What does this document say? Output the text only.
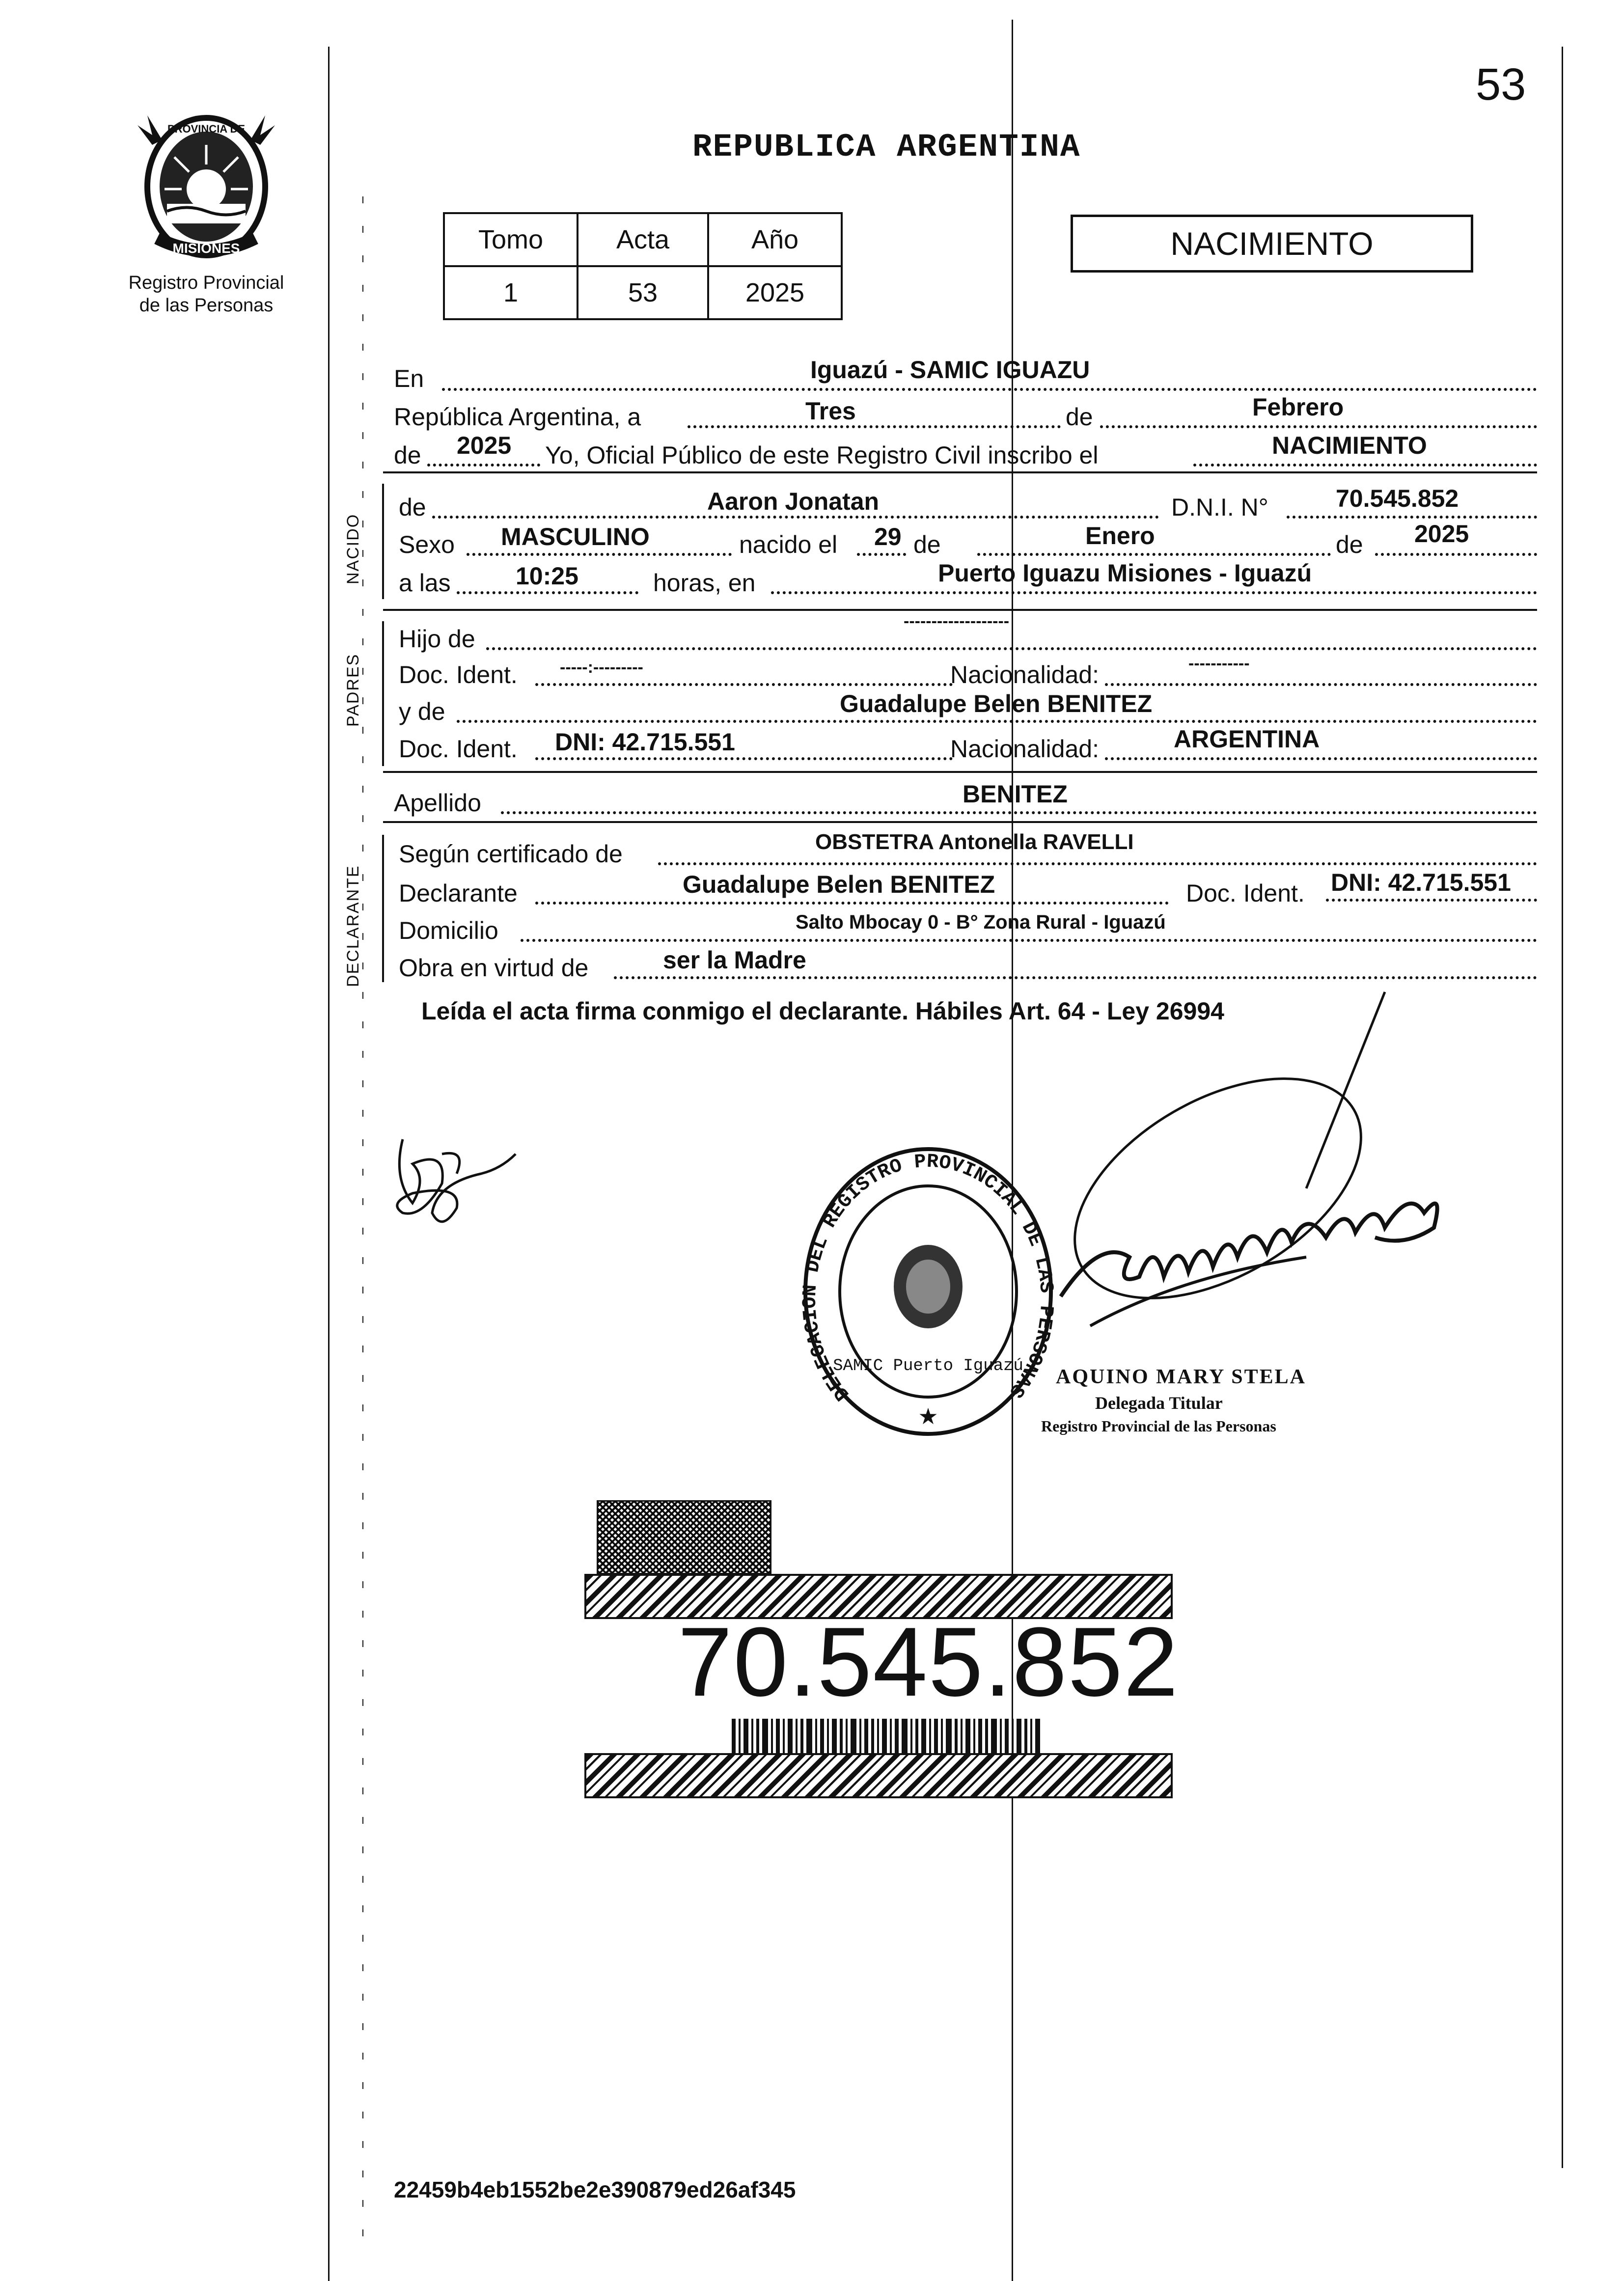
53
MISIONES
PROVINCIA DE
Registro Provincial
de las Personas
REPUBLICA ARGENTINA
Tomo	Acta	Año
1	53	2025
NACIMIENTO
En	Iguazú - SAMIC IGUAZU
República Argentina, a	Tres	de	Febrero
de 2025 Yo, Oficial Público de este Registro Civil inscribo el	NACIMIENTO
NACIDO
de	Aaron Jonatan	D.N.I. N°	70.545.852
Sexo MASCULINO	nacido el 29 de	Enero	de 2025
a las	10:25	horas, en	Puerto Iguazu Misiones - Iguazú
PADRES
Hijo de
-------------------
Doc. Ident.	-----:---------	Nacionalidad:	-----------
y de	Guadalupe Belen BENITEZ
Doc. Ident. DNI: 42.715.551	Nacionalidad:	ARGENTINA
Apellido	BENITEZ
DECLARANTE
Según certificado de	OBSTETRA Antonella RAVELLI
Declarante	Guadalupe Belen BENITEZ	Doc. Ident. DNI: 42.715.551
Domicilio	Salto Mbocay 0 - B° Zona Rural - Iguazú
Obra en virtud de	ser la Madre
Leída el acta firma conmigo el declarante. Hábiles Art. 64 - Ley 26994
DELEGACION DEL REGISTRO PROVINCIAL DE LAS PERSONAS
SAMIC Puerto Iguazú
★
AQUINO MARY STELA
Delegada Titular
Registro Provincial de las Personas
70.545.852
22459b4eb1552be2e390879ed26af345
